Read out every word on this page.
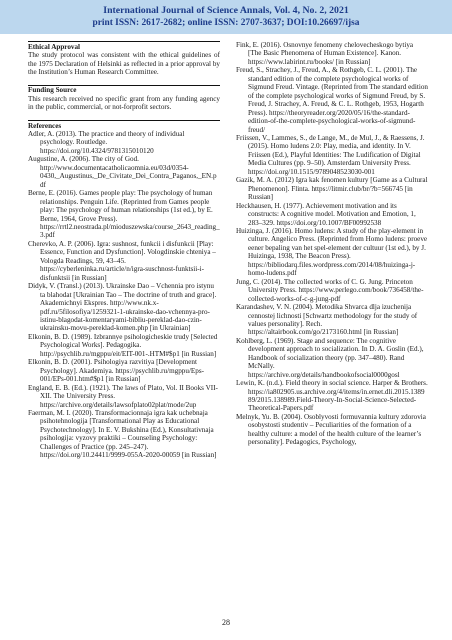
International Journal of Science Annals, Vol. 4, No. 2, 2021
print ISSN: 2617-2682; online ISSN: 2707-3637; DOI:10.26697/ijsa

Ethical Approval

The study protocol was consistent with the ethical guidelines of the 1975 Declaration of Helsinki as reflected in a prior approval by the Institution’s Human Research Committee.

Funding Source

This research received no specific grant from any funding agency in the public, commercial, or not-forprofit sectors.

References

Adler, A. (2013). The practice and theory of individual psychology. Routledge. https://doi.org/10.4324/9781315010120

Augustine, A. (2006). The city of God. http://www.documentacatholicaomnia.eu/03d/0354-0430,_Augustinus,_De_Civitate_Dei_Contra_Paganos,_EN.pdf

Berne, E. (2016). Games people play: The psychology of human relationships. Penguin Life. (Reprinted from Games people play: The psychology of human relationships (1st ed.), by E. Berne, 1964, Grove Press). https://rrtl2.neostrada.pl/mioduszewska/course_2643_reading_3.pdf

Cherevko, A. P. (2006). Igra: sushnost, funkcii i disfunkcii [Play: Essence, Function and Dysfunction]. Vologdinskie chteniya – Vologda Readings, 59, 43–45. https://cyberleninka.ru/article/n/igra-suschnost-funktsii-i-disfunktsii [in Russian]

Didyk, V. (Transl.) (2013). Ukrainske Dao – Vchennia pro istynu ta blahodat [Ukrainian Tao – The doctrine of truth and grace]. Akademichnyi Ekspres. http://www.nk.x-pdf.ru/5filosofiya/1259321-1-ukrainske-dao-vchennya-pro-istinu-blagodat-komentaryami-bibliu-pereklad-dao-czin-ukrainsku-movu-pereklad-komen.php [in Ukrainian]

Elkonin, B. D. (1989). Izbrannye psihologicheskie trudy [Selected Psychological Works]. Pedagogika. http://psychlib.ru/mgppu/eit/EIT-001-.HTM#$p1 [in Russian]

Elkonin, B. D. (2001). Psihologiya razvitiya [Development Psychology]. Akademiya. https://psychlib.ru/mgppu/Eps-001/EPs-001.htm#$p1 [in Russian]

England, E. B. (Ed.). (1921). The laws of Plato, Vol. II Books VII-XII. The University Press. https://archive.org/details/lawsofplato02plat/mode/2up

Faerman, M. I. (2020). Transformacionnaja igra kak uchebnaja psihotehnologija [Transformational Play as Educational Psychotechnology]. In E. V. Bukshina (Ed.), Konsultativnaja psihologija: vyzovy praktiki – Counseling Psychology: Challenges of Practice (pp. 245–247). https://doi.org/10.24411/9999-055A-2020-00059 [in Russian]

Fink, E. (2016). Osnovnye fenomeny chelovecheskogo bytiya [The Basic Phenomena of Human Existence]. Kanon. https://www.labirint.ru/books/ [in Russian]

Freud, S., Strachey, J., Freud, A., & Rothgeb, C. L. (2001). The standard edition of the complete psychological works of Sigmund Freud. Vintage. (Reprinted from The standard edition of the complete psychological works of Sigmund Freud, by S. Freud, J. Strachey, A. Freud, & C. L. Rothgeb, 1953, Hogarth Press). https://theoryreader.org/2020/05/16/the-standard-edition-of-the-complete-psychological-works-of-sigmund-freud/

Friissen, V., Lammes, S., de Lange, M., de Mul, J., & Raessens, J. (2015). Homo ludens 2.0: Play, media, and identity. In V. Friissen (Ed.), Playful Identities: The Ludification of Digital Media Cultures (pp. 9–50). Amsterdam University Press. https://doi.org/10.1515/9789048523030-001

Gazik, M. A. (2012) Igra kak fenomen kultury [Game as a Cultural Phenomenon]. Flinta. https://litmir.club/br/?b=566745 [in Russian]

Heckhausen, H. (1977). Achievement motivation and its constructs: A cognitive model. Motivation and Emotion, 1, 283–329. https://doi.org/10.1007/BF00992538

Huizinga, J. (2016). Homo ludens: A study of the play-element in culture. Angelico Press. (Reprinted from Homo ludens: proeve eener bepaling van het spel-element der cultuur (1st ed.), by J. Huizinga, 1938, The Beacon Press). https://bibliodarq.files.wordpress.com/2014/08/huizinga-j-homo-ludens.pdf

Jung, C. (2014). The collected works of C. G. Jung. Princeton University Press. https://www.perlego.com/book/736458/the-collected-works-of-c-g-jung-pdf

Karandashev, V. N. (2004). Metodika Shvarca dlja izuchenija cennostej lichnosti [Schwartz methodology for the study of values personality]. Rech. https://altairbook.com/go/2173160.html [in Russian]

Kohlberg, L. (1969). Stage and sequence: The cognitive development approach to socialization. In D. A. Goslin (Ed.), Handbook of socialization theory (pp. 347–480). Rand McNally. https://archive.org/details/handbookofsocial0000gosl

Lewin, K. (n.d.). Field theory in social science. Harper & Brothers. https://ia802905.us.archive.org/4/items/in.ernet.dli.2015.138989/2015.138989.Field-Theory-In-Social-Science-Selected-Theoretical-Papers.pdf

Melnyk, Yu. B. (2004). Osoblyvosti formuvannia kultury zdorovia osobystosti studentiv – Peculiarities of the formation of a healthy culture: a model of the health culture of the learner’s personality]. Pedagogics, Psychology,

28
